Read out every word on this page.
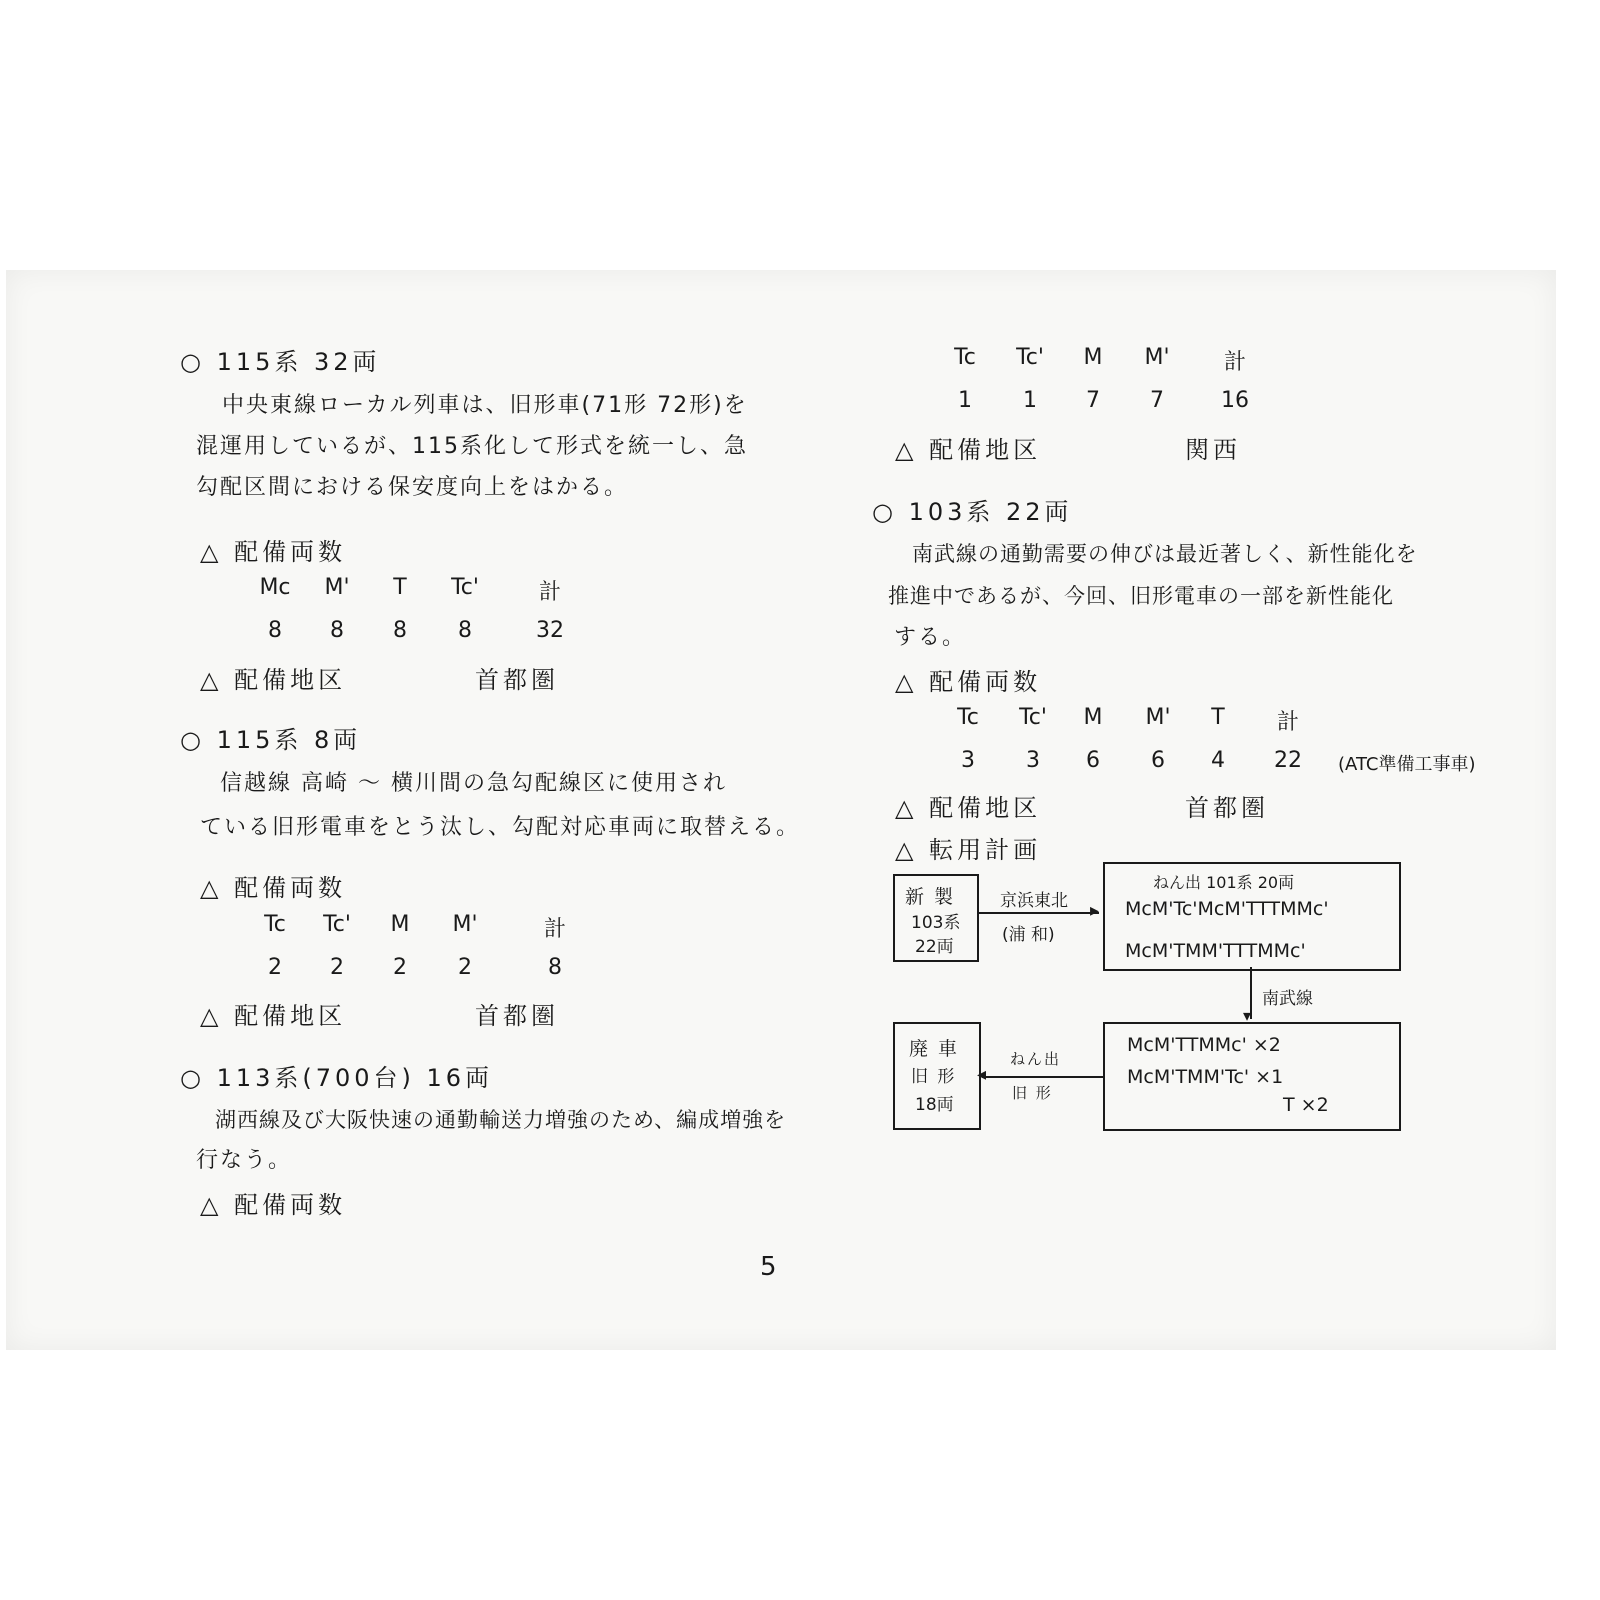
○ 115系 32両
中央東線ローカル列車は、旧形車(71形 72形)を
混運用しているが、115系化して形式を統一し、急
勾配区間における保安度向上をはかる。
△ 配備両数
Mc	M'	T	Tc'	計
8	8	8	8	32
△ 配備地区	首都圏
○ 115系 8両
信越線 高崎 ～ 横川間の急勾配線区に使用され
ている旧形電車をとう汰し、勾配対応車両に取替える。
△ 配備両数
Tc	Tc'	M	M'	計
2	2	2	2	8
△ 配備地区	首都圏
○ 113系(700台) 16両
湖西線及び大阪快速の通勤輸送力増強のため、編成増強を
行なう。
△ 配備両数
Tc	Tc'	M	M'	計
1	1	7	7	16
△ 配備地区	関西
○ 103系 22両
南武線の通勤需要の伸びは最近著しく、新性能化を
推進中であるが、今回、旧形電車の一部を新性能化
する。
△ 配備両数
Tc	Tc'	M	M'	T	計
3	3	6	6	4	22	(ATC準備工事車)
△ 配備地区	首都圏
△ 転用計画
新 製
103系
22両
京浜東北 ▸
(浦 和)
ねん出 101系 20両
McM'Tc'McM'TTTMMc'
McM'TMM'TTTMMc'
▾
南武線
McM'TTMMc' ×2
McM'TMM'Tc' ×1
T ×2
ねん出
◂
旧 形
廃 車
旧 形
18両
5
